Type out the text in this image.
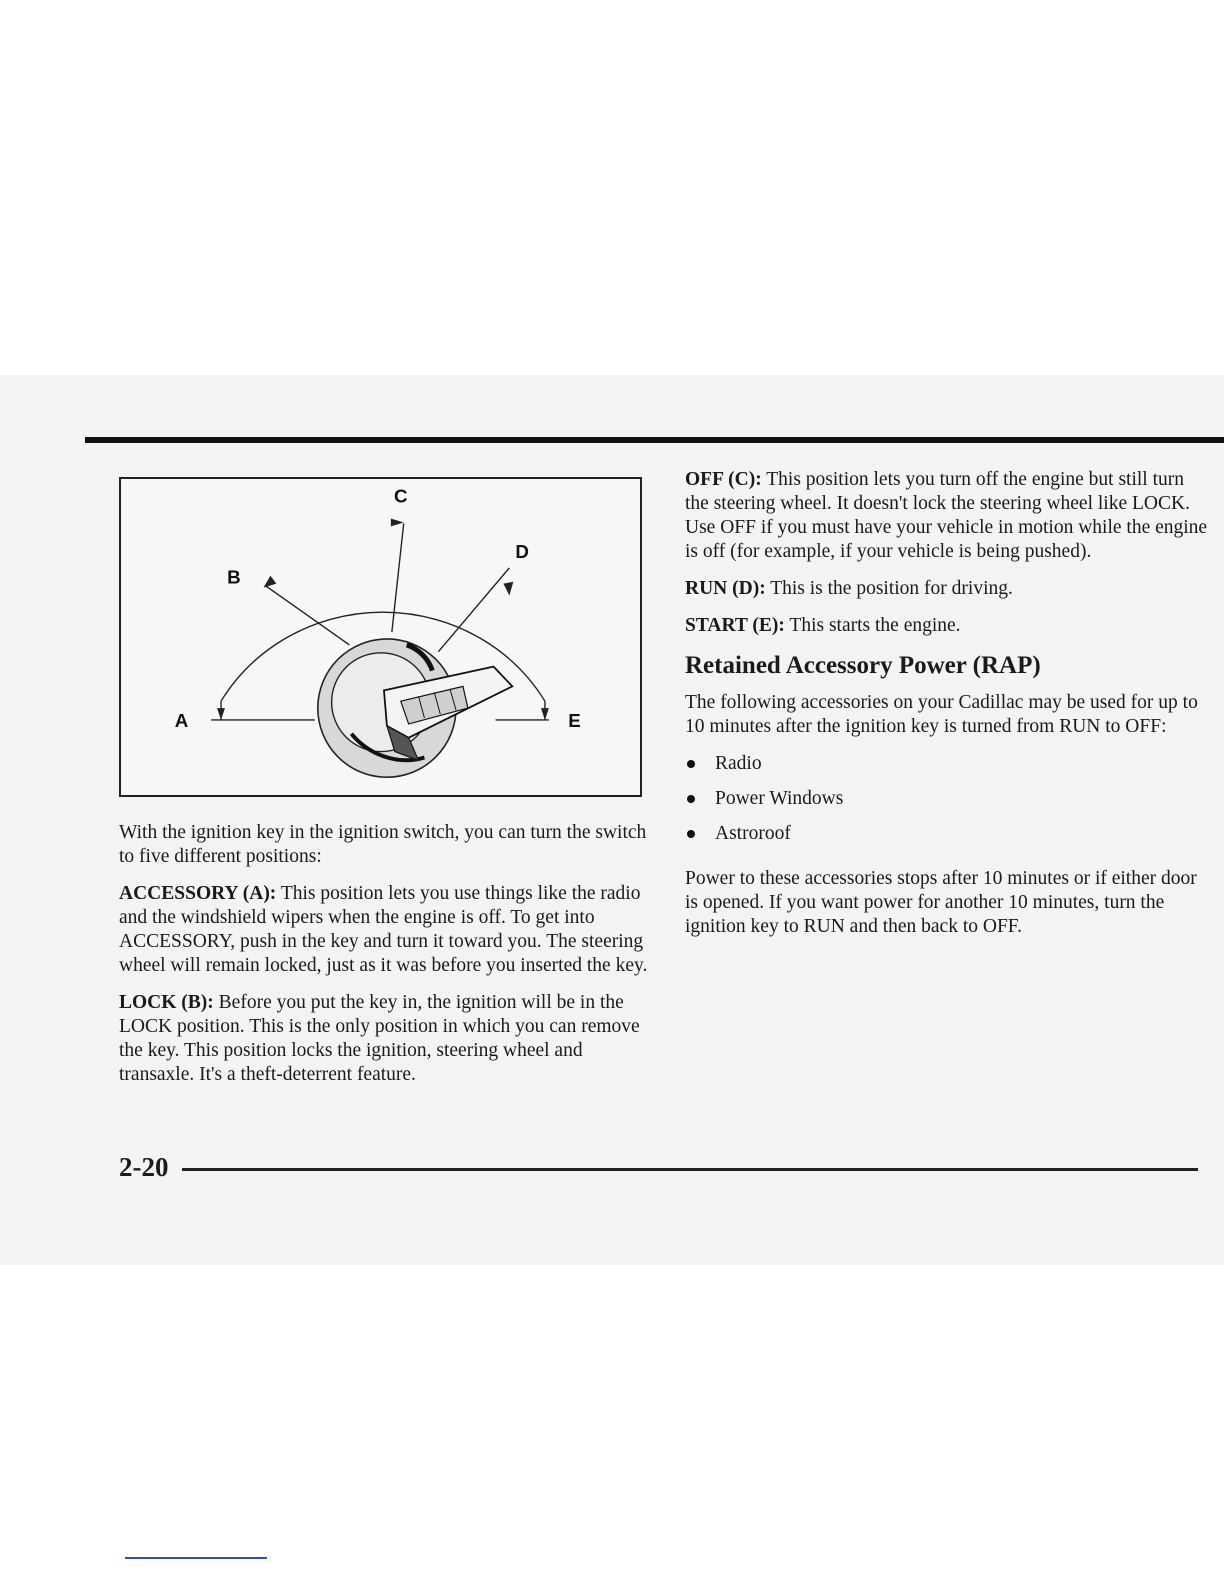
C
B
D
A	E

With the ignition key in the ignition switch, you can turn the switch to five different positions:

ACCESSORY (A): This position lets you use things like the radio and the windshield wipers when the engine is off. To get into ACCESSORY, push in the key and turn it toward you. The steering wheel will remain locked, just as it was before you inserted the key.

LOCK (B): Before you put the key in, the ignition will be in the LOCK position. This is the only position in which you can remove the key. This position locks the ignition, steering wheel and transaxle. It's a theft-deterrent feature.

OFF (C): This position lets you turn off the engine but still turn the steering wheel. It doesn't lock the steering wheel like LOCK. Use OFF if you must have your vehicle in motion while the engine is off (for example, if your vehicle is being pushed).

RUN (D): This is the position for driving.

START (E): This starts the engine.

Retained Accessory Power (RAP)

The following accessories on your Cadillac may be used for up to 10 minutes after the ignition key is turned from RUN to OFF:

Radio
Power Windows
Astroroof

Power to these accessories stops after 10 minutes or if either door is opened. If you want power for another 10 minutes, turn the ignition key to RUN and then back to OFF.

2-20
